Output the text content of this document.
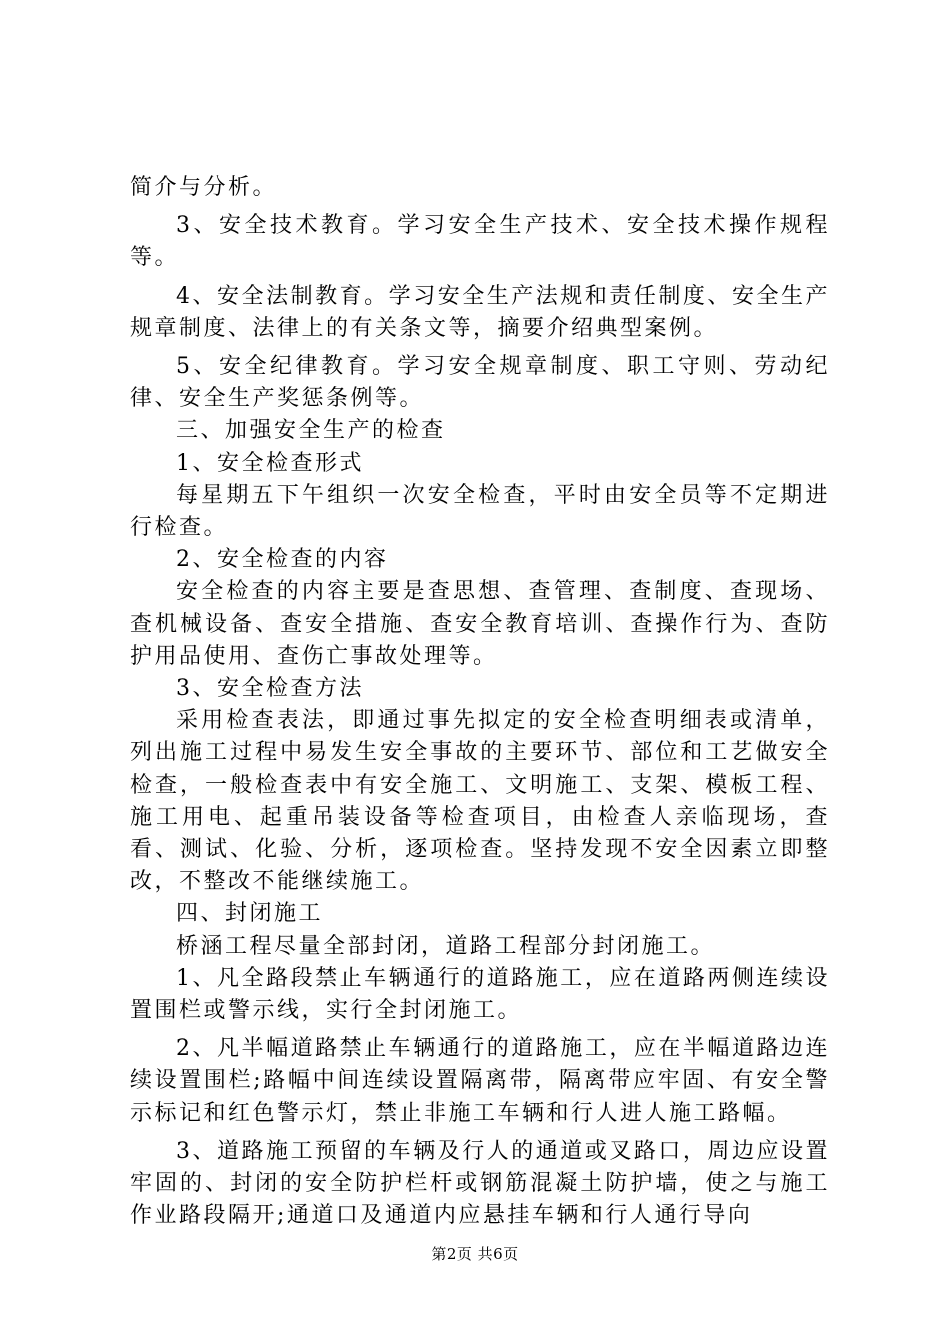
简介与分析。

3、安全技术教育。学习安全生产技术、安全技术操作规程等。

4、安全法制教育。学习安全生产法规和责任制度、安全生产规章制度、法律上的有关条文等，摘要介绍典型案例。

5、安全纪律教育。学习安全规章制度、职工守则、劳动纪律、安全生产奖惩条例等。

三、加强安全生产的检查

1、安全检查形式

每星期五下午组织一次安全检查，平时由安全员等不定期进行检查。

2、安全检查的内容

安全检查的内容主要是查思想、查管理、查制度、查现场、查机械设备、查安全措施、查安全教育培训、查操作行为、查防护用品使用、查伤亡事故处理等。

3、安全检查方法

采用检查表法，即通过事先拟定的安全检查明细表或清单，列出施工过程中易发生安全事故的主要环节、部位和工艺做安全检查，一般检查表中有安全施工、文明施工、支架、模板工程、施工用电、起重吊装设备等检查项目，由检查人亲临现场，查看、测试、化验、分析，逐项检查。坚持发现不安全因素立即整改，不整改不能继续施工。

四、封闭施工

桥涵工程尽量全部封闭，道路工程部分封闭施工。

1、凡全路段禁止车辆通行的道路施工，应在道路两侧连续设置围栏或警示线，实行全封闭施工。

2、凡半幅道路禁止车辆通行的道路施工，应在半幅道路边连续设置围栏;路幅中间连续设置隔离带，隔离带应牢固、有安全警示标记和红色警示灯，禁止非施工车辆和行人进人施工路幅。

3、道路施工预留的车辆及行人的通道或叉路口，周边应设置牢固的、封闭的安全防护栏杆或钢筋混凝土防护墙，使之与施工作业路段隔开;通道口及通道内应悬挂车辆和行人通行导向

第2页 共6页
